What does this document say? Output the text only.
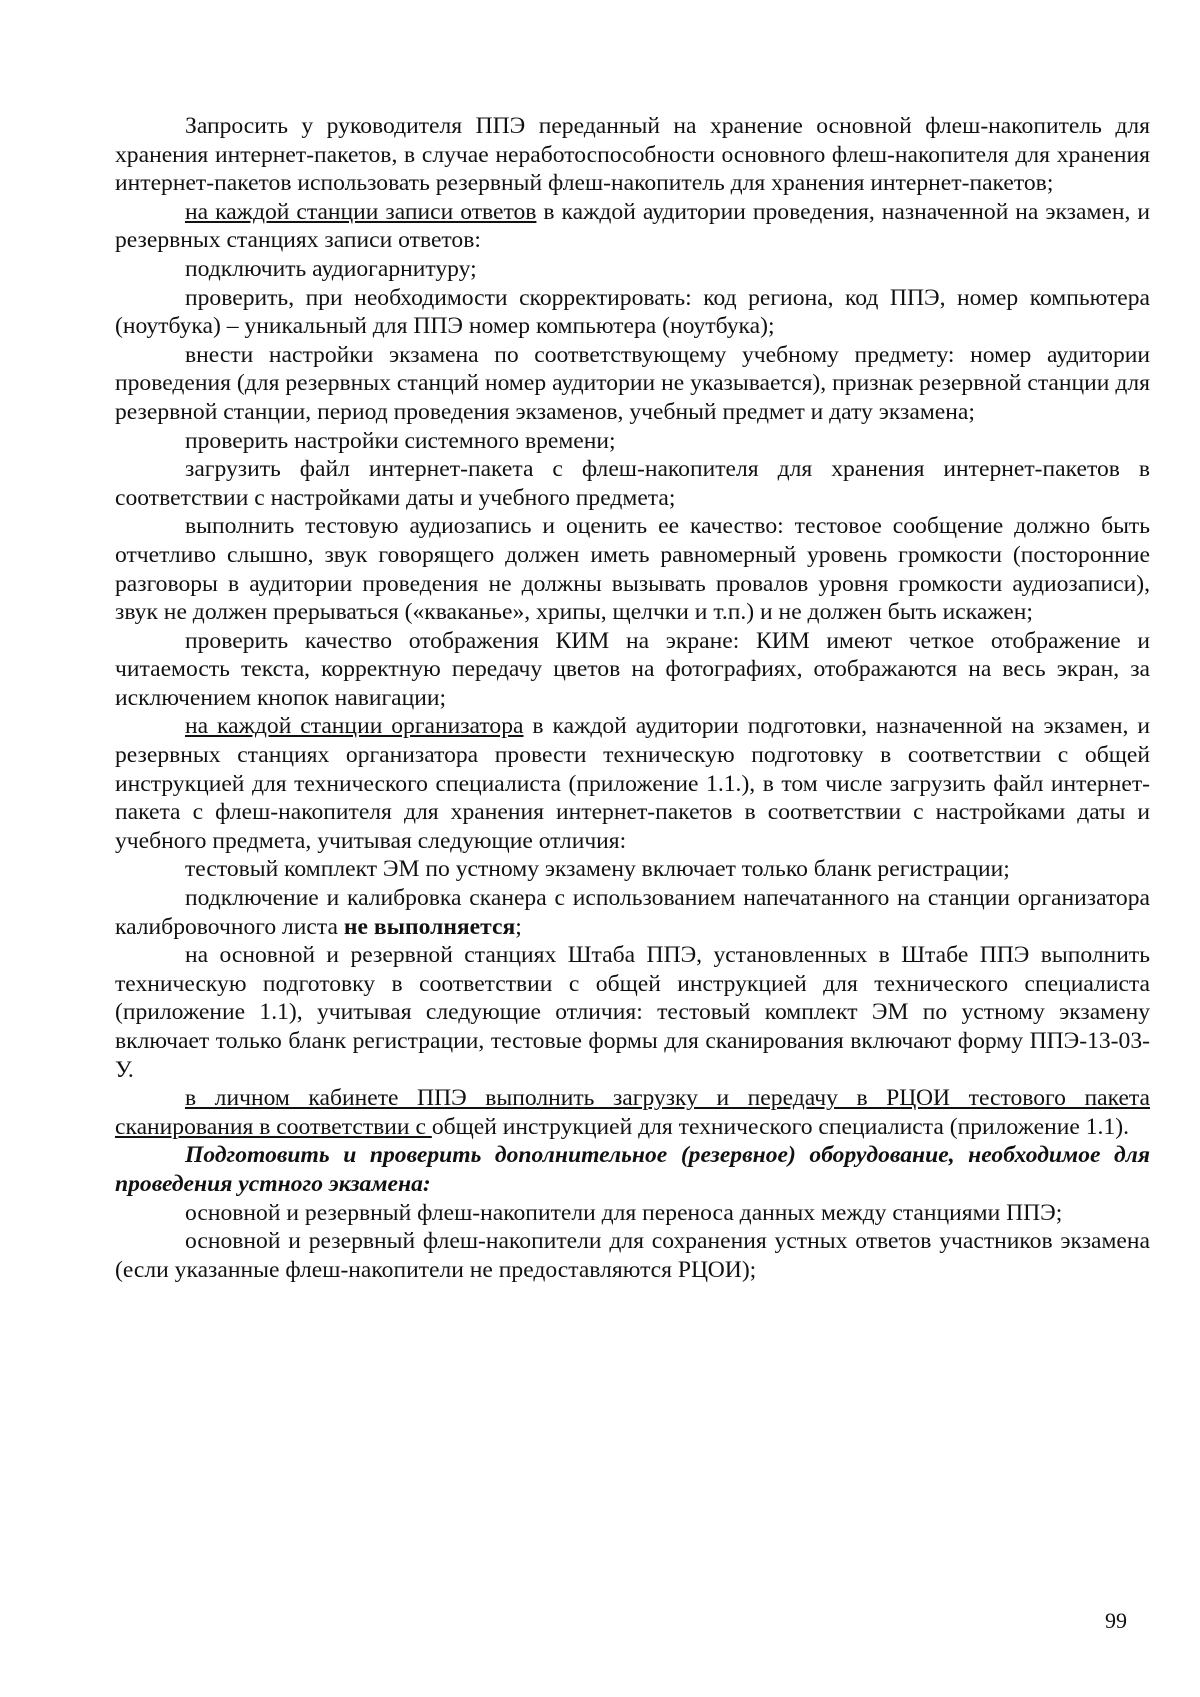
Запросить у руководителя ППЭ переданный на хранение основной флеш-накопитель для хранения интернет-пакетов, в случае неработоспособности основного флеш-накопителя для хранения интернет-пакетов использовать резервный флеш-накопитель для хранения интернет-пакетов;

на каждой станции записи ответов в каждой аудитории проведения, назначенной на экзамен, и резервных станциях записи ответов:

подключить аудиогарнитуру;

проверить, при необходимости скорректировать: код региона, код ППЭ, номер компьютера (ноутбука) – уникальный для ППЭ номер компьютера (ноутбука);

внести настройки экзамена по соответствующему учебному предмету: номер аудитории проведения (для резервных станций номер аудитории не указывается), признак резервной станции для резервной станции, период проведения экзаменов, учебный предмет и дату экзамена;

проверить настройки системного времени;

загрузить файл интернет-пакета с флеш-накопителя для хранения интернет-пакетов в соответствии с настройками даты и учебного предмета;

выполнить тестовую аудиозапись и оценить ее качество: тестовое сообщение должно быть отчетливо слышно, звук говорящего должен иметь равномерный уровень громкости (посторонние разговоры в аудитории проведения не должны вызывать провалов уровня громкости аудиозаписи), звук не должен прерываться («кваканье», хрипы, щелчки и т.п.) и не должен быть искажен;

проверить качество отображения КИМ на экране: КИМ имеют четкое отображение и читаемость текста, корректную передачу цветов на фотографиях, отображаются на весь экран, за исключением кнопок навигации;

на каждой станции организатора в каждой аудитории подготовки, назначенной на экзамен, и резервных станциях организатора провести техническую подготовку в соответствии с общей инструкцией для технического специалиста (приложение 1.1.), в том числе загрузить файл интернет-пакета с флеш-накопителя для хранения интернет-пакетов в соответствии с настройками даты и учебного предмета, учитывая следующие отличия:

тестовый комплект ЭМ по устному экзамену включает только бланк регистрации;

подключение и калибровка сканера с использованием напечатанного на станции организатора калибровочного листа не выполняется;

на основной и резервной станциях Штаба ППЭ, установленных в Штабе ППЭ выполнить техническую подготовку в соответствии с общей инструкцией для технического специалиста (приложение 1.1), учитывая следующие отличия: тестовый комплект ЭМ по устному экзамену включает только бланк регистрации, тестовые формы для сканирования включают форму ППЭ-13-03-У.

в личном кабинете ППЭ выполнить загрузку и передачу в РЦОИ тестового пакета сканирования в соответствии с общей инструкцией для технического специалиста (приложение 1.1).

Подготовить и проверить дополнительное (резервное) оборудование, необходимое для проведения устного экзамена:

основной и резервный флеш-накопители для переноса данных между станциями ППЭ;

основной и резервный флеш-накопители для сохранения устных ответов участников экзамена (если указанные флеш-накопители не предоставляются РЦОИ);

99
